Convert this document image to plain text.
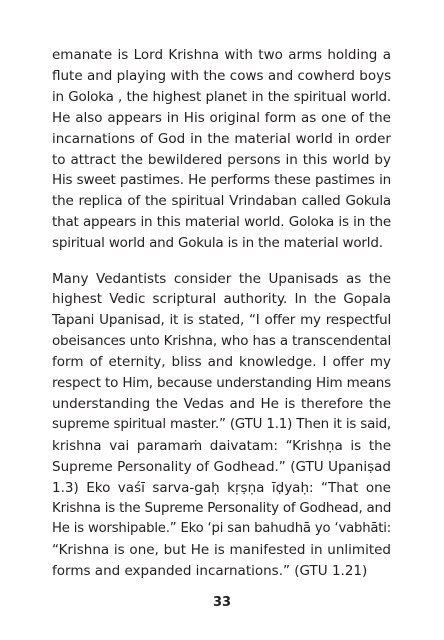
emanate is Lord Krishna with two arms holding a
flute and playing with the cows and cowherd boys
in Goloka , the highest planet in the spiritual world.
He also appears in His original form as one of the
incarnations of God in the material world in order
to attract the bewildered persons in this world by
His sweet pastimes. He performs these pastimes in
the replica of the spiritual Vrindaban called Gokula
that appears in this material world. Goloka is in the
spiritual world and Gokula is in the material world.

Many Vedantists consider the Upanisads as the
highest Vedic scriptural authority. In the Gopala
Tapani Upanisad, it is stated, “I offer my respectful
obeisances unto Krishna, who has a transcendental
form of eternity, bliss and knowledge. I offer my
respect to Him, because understanding Him means
understanding the Vedas and He is therefore the
supreme spiritual master.” (GTU 1.1) Then it is said,
krishna vai paramaṁ daivatam: “Krishṇa is the
Supreme Personality of Godhead.” (GTU Upaniṣad
1.3) Eko vaśī sarva-gaḥ kṛṣṇa īḍyaḥ: “That one
Krishna is the Supreme Personality of Godhead, and
He is worshipable.” Eko ‘pi san bahudhā yo ‘vabhāti:
“Krishna is one, but He is manifested in unlimited
forms and expanded incarnations.” (GTU 1.21)

33
